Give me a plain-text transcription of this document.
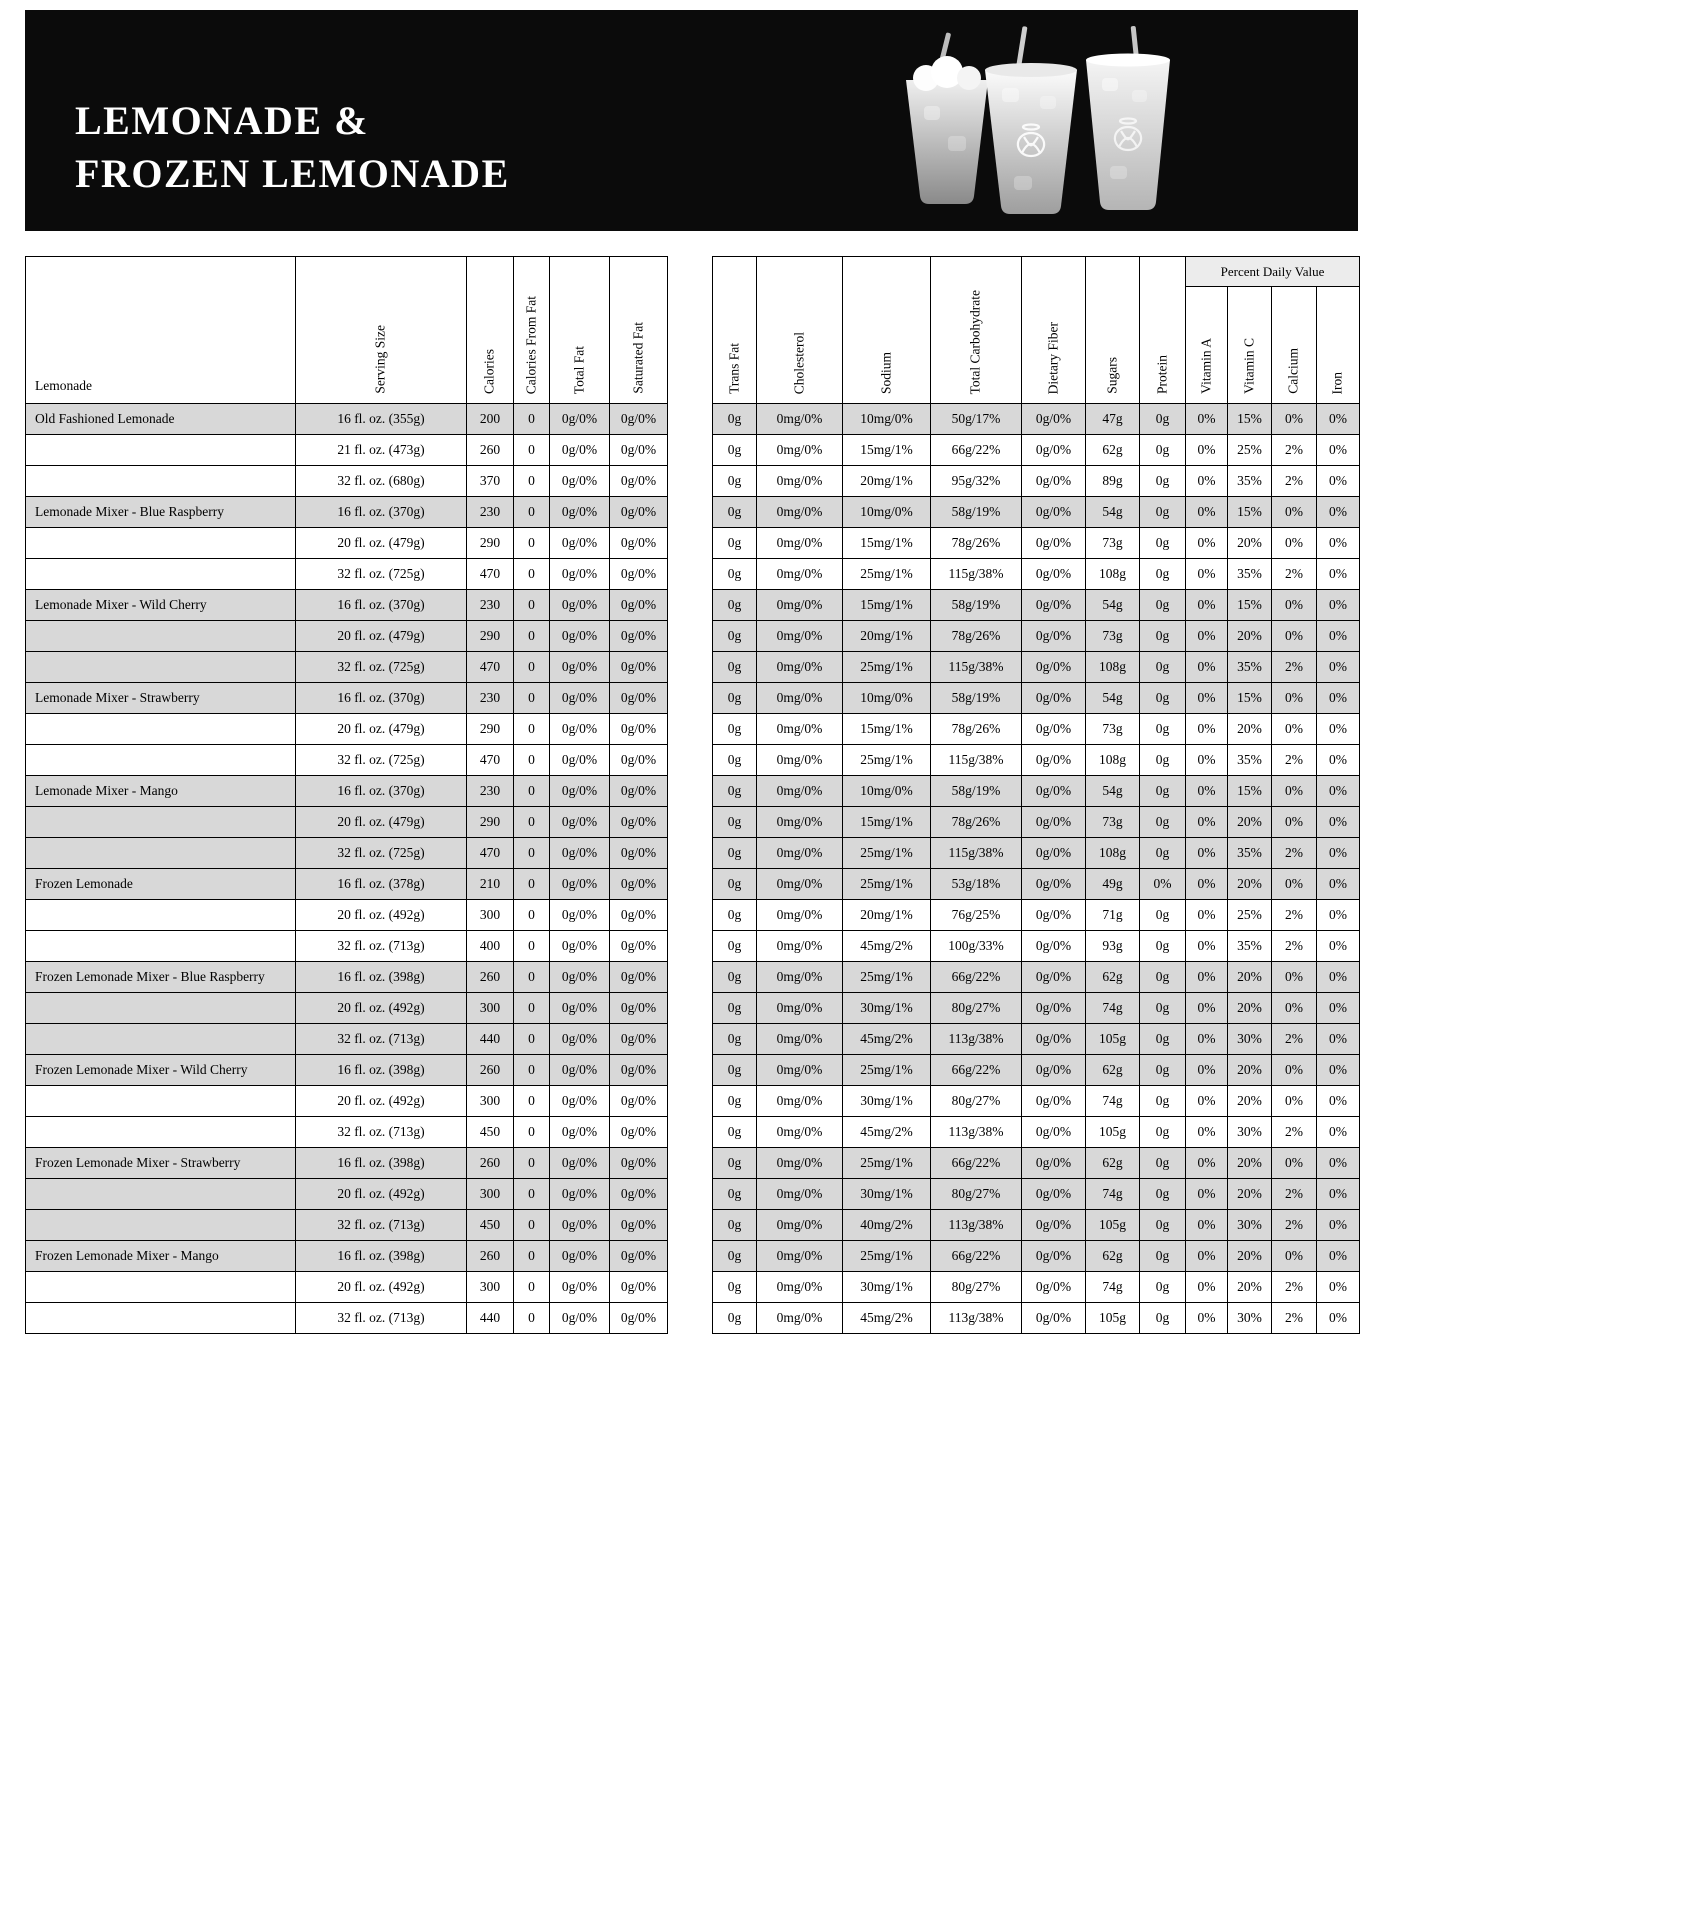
LEMONADE &
FROZEN LEMONADE
Lemonade	Serving Size	Calories	Calories From Fat	Total Fat	Saturated Fat

Old Fashioned Lemonade	16 fl. oz. (355g)	200	0	0g/0%	0g/0%
	21 fl. oz. (473g)	260	0	0g/0%	0g/0%
	32 fl. oz. (680g)	370	0	0g/0%	0g/0%
Lemonade Mixer - Blue Raspberry	16 fl. oz. (370g)	230	0	0g/0%	0g/0%
	20 fl. oz. (479g)	290	0	0g/0%	0g/0%
	32 fl. oz. (725g)	470	0	0g/0%	0g/0%
Lemonade Mixer - Wild Cherry	16 fl. oz. (370g)	230	0	0g/0%	0g/0%
	20 fl. oz. (479g)	290	0	0g/0%	0g/0%
	32 fl. oz. (725g)	470	0	0g/0%	0g/0%
Lemonade Mixer - Strawberry	16 fl. oz. (370g)	230	0	0g/0%	0g/0%
	20 fl. oz. (479g)	290	0	0g/0%	0g/0%
	32 fl. oz. (725g)	470	0	0g/0%	0g/0%
Lemonade Mixer - Mango	16 fl. oz. (370g)	230	0	0g/0%	0g/0%
	20 fl. oz. (479g)	290	0	0g/0%	0g/0%
	32 fl. oz. (725g)	470	0	0g/0%	0g/0%
Frozen Lemonade	16 fl. oz. (378g)	210	0	0g/0%	0g/0%
	20 fl. oz. (492g)	300	0	0g/0%	0g/0%
	32 fl. oz. (713g)	400	0	0g/0%	0g/0%
Frozen Lemonade Mixer - Blue Raspberry	16 fl. oz. (398g)	260	0	0g/0%	0g/0%
	20 fl. oz. (492g)	300	0	0g/0%	0g/0%
	32 fl. oz. (713g)	440	0	0g/0%	0g/0%
Frozen Lemonade Mixer - Wild Cherry	16 fl. oz. (398g)	260	0	0g/0%	0g/0%
	20 fl. oz. (492g)	300	0	0g/0%	0g/0%
	32 fl. oz. (713g)	450	0	0g/0%	0g/0%
Frozen Lemonade Mixer - Strawberry	16 fl. oz. (398g)	260	0	0g/0%	0g/0%
	20 fl. oz. (492g)	300	0	0g/0%	0g/0%
	32 fl. oz. (713g)	450	0	0g/0%	0g/0%
Frozen Lemonade Mixer - Mango	16 fl. oz. (398g)	260	0	0g/0%	0g/0%
	20 fl. oz. (492g)	300	0	0g/0%	0g/0%
	32 fl. oz. (713g)	440	0	0g/0%	0g/0%
Trans Fat	Cholesterol	Sodium	Total Carbohydrate	Dietary Fiber	Sugars	Protein	Percent Daily Value			

							Vitamin A	Vitamin C	Calcium	Iron

0g	0mg/0%	10mg/0%	50g/17%	0g/0%	47g	0g	0%	15%	0%	0%
0g	0mg/0%	15mg/1%	66g/22%	0g/0%	62g	0g	0%	25%	2%	0%
0g	0mg/0%	20mg/1%	95g/32%	0g/0%	89g	0g	0%	35%	2%	0%
0g	0mg/0%	10mg/0%	58g/19%	0g/0%	54g	0g	0%	15%	0%	0%
0g	0mg/0%	15mg/1%	78g/26%	0g/0%	73g	0g	0%	20%	0%	0%
0g	0mg/0%	25mg/1%	115g/38%	0g/0%	108g	0g	0%	35%	2%	0%
0g	0mg/0%	15mg/1%	58g/19%	0g/0%	54g	0g	0%	15%	0%	0%
0g	0mg/0%	20mg/1%	78g/26%	0g/0%	73g	0g	0%	20%	0%	0%
0g	0mg/0%	25mg/1%	115g/38%	0g/0%	108g	0g	0%	35%	2%	0%
0g	0mg/0%	10mg/0%	58g/19%	0g/0%	54g	0g	0%	15%	0%	0%
0g	0mg/0%	15mg/1%	78g/26%	0g/0%	73g	0g	0%	20%	0%	0%
0g	0mg/0%	25mg/1%	115g/38%	0g/0%	108g	0g	0%	35%	2%	0%
0g	0mg/0%	10mg/0%	58g/19%	0g/0%	54g	0g	0%	15%	0%	0%
0g	0mg/0%	15mg/1%	78g/26%	0g/0%	73g	0g	0%	20%	0%	0%
0g	0mg/0%	25mg/1%	115g/38%	0g/0%	108g	0g	0%	35%	2%	0%
0g	0mg/0%	25mg/1%	53g/18%	0g/0%	49g	0%	0%	20%	0%	0%
0g	0mg/0%	20mg/1%	76g/25%	0g/0%	71g	0g	0%	25%	2%	0%
0g	0mg/0%	45mg/2%	100g/33%	0g/0%	93g	0g	0%	35%	2%	0%
0g	0mg/0%	25mg/1%	66g/22%	0g/0%	62g	0g	0%	20%	0%	0%
0g	0mg/0%	30mg/1%	80g/27%	0g/0%	74g	0g	0%	20%	0%	0%
0g	0mg/0%	45mg/2%	113g/38%	0g/0%	105g	0g	0%	30%	2%	0%
0g	0mg/0%	25mg/1%	66g/22%	0g/0%	62g	0g	0%	20%	0%	0%
0g	0mg/0%	30mg/1%	80g/27%	0g/0%	74g	0g	0%	20%	0%	0%
0g	0mg/0%	45mg/2%	113g/38%	0g/0%	105g	0g	0%	30%	2%	0%
0g	0mg/0%	25mg/1%	66g/22%	0g/0%	62g	0g	0%	20%	0%	0%
0g	0mg/0%	30mg/1%	80g/27%	0g/0%	74g	0g	0%	20%	2%	0%
0g	0mg/0%	40mg/2%	113g/38%	0g/0%	105g	0g	0%	30%	2%	0%
0g	0mg/0%	25mg/1%	66g/22%	0g/0%	62g	0g	0%	20%	0%	0%
0g	0mg/0%	30mg/1%	80g/27%	0g/0%	74g	0g	0%	20%	2%	0%
0g	0mg/0%	45mg/2%	113g/38%	0g/0%	105g	0g	0%	30%	2%	0%
